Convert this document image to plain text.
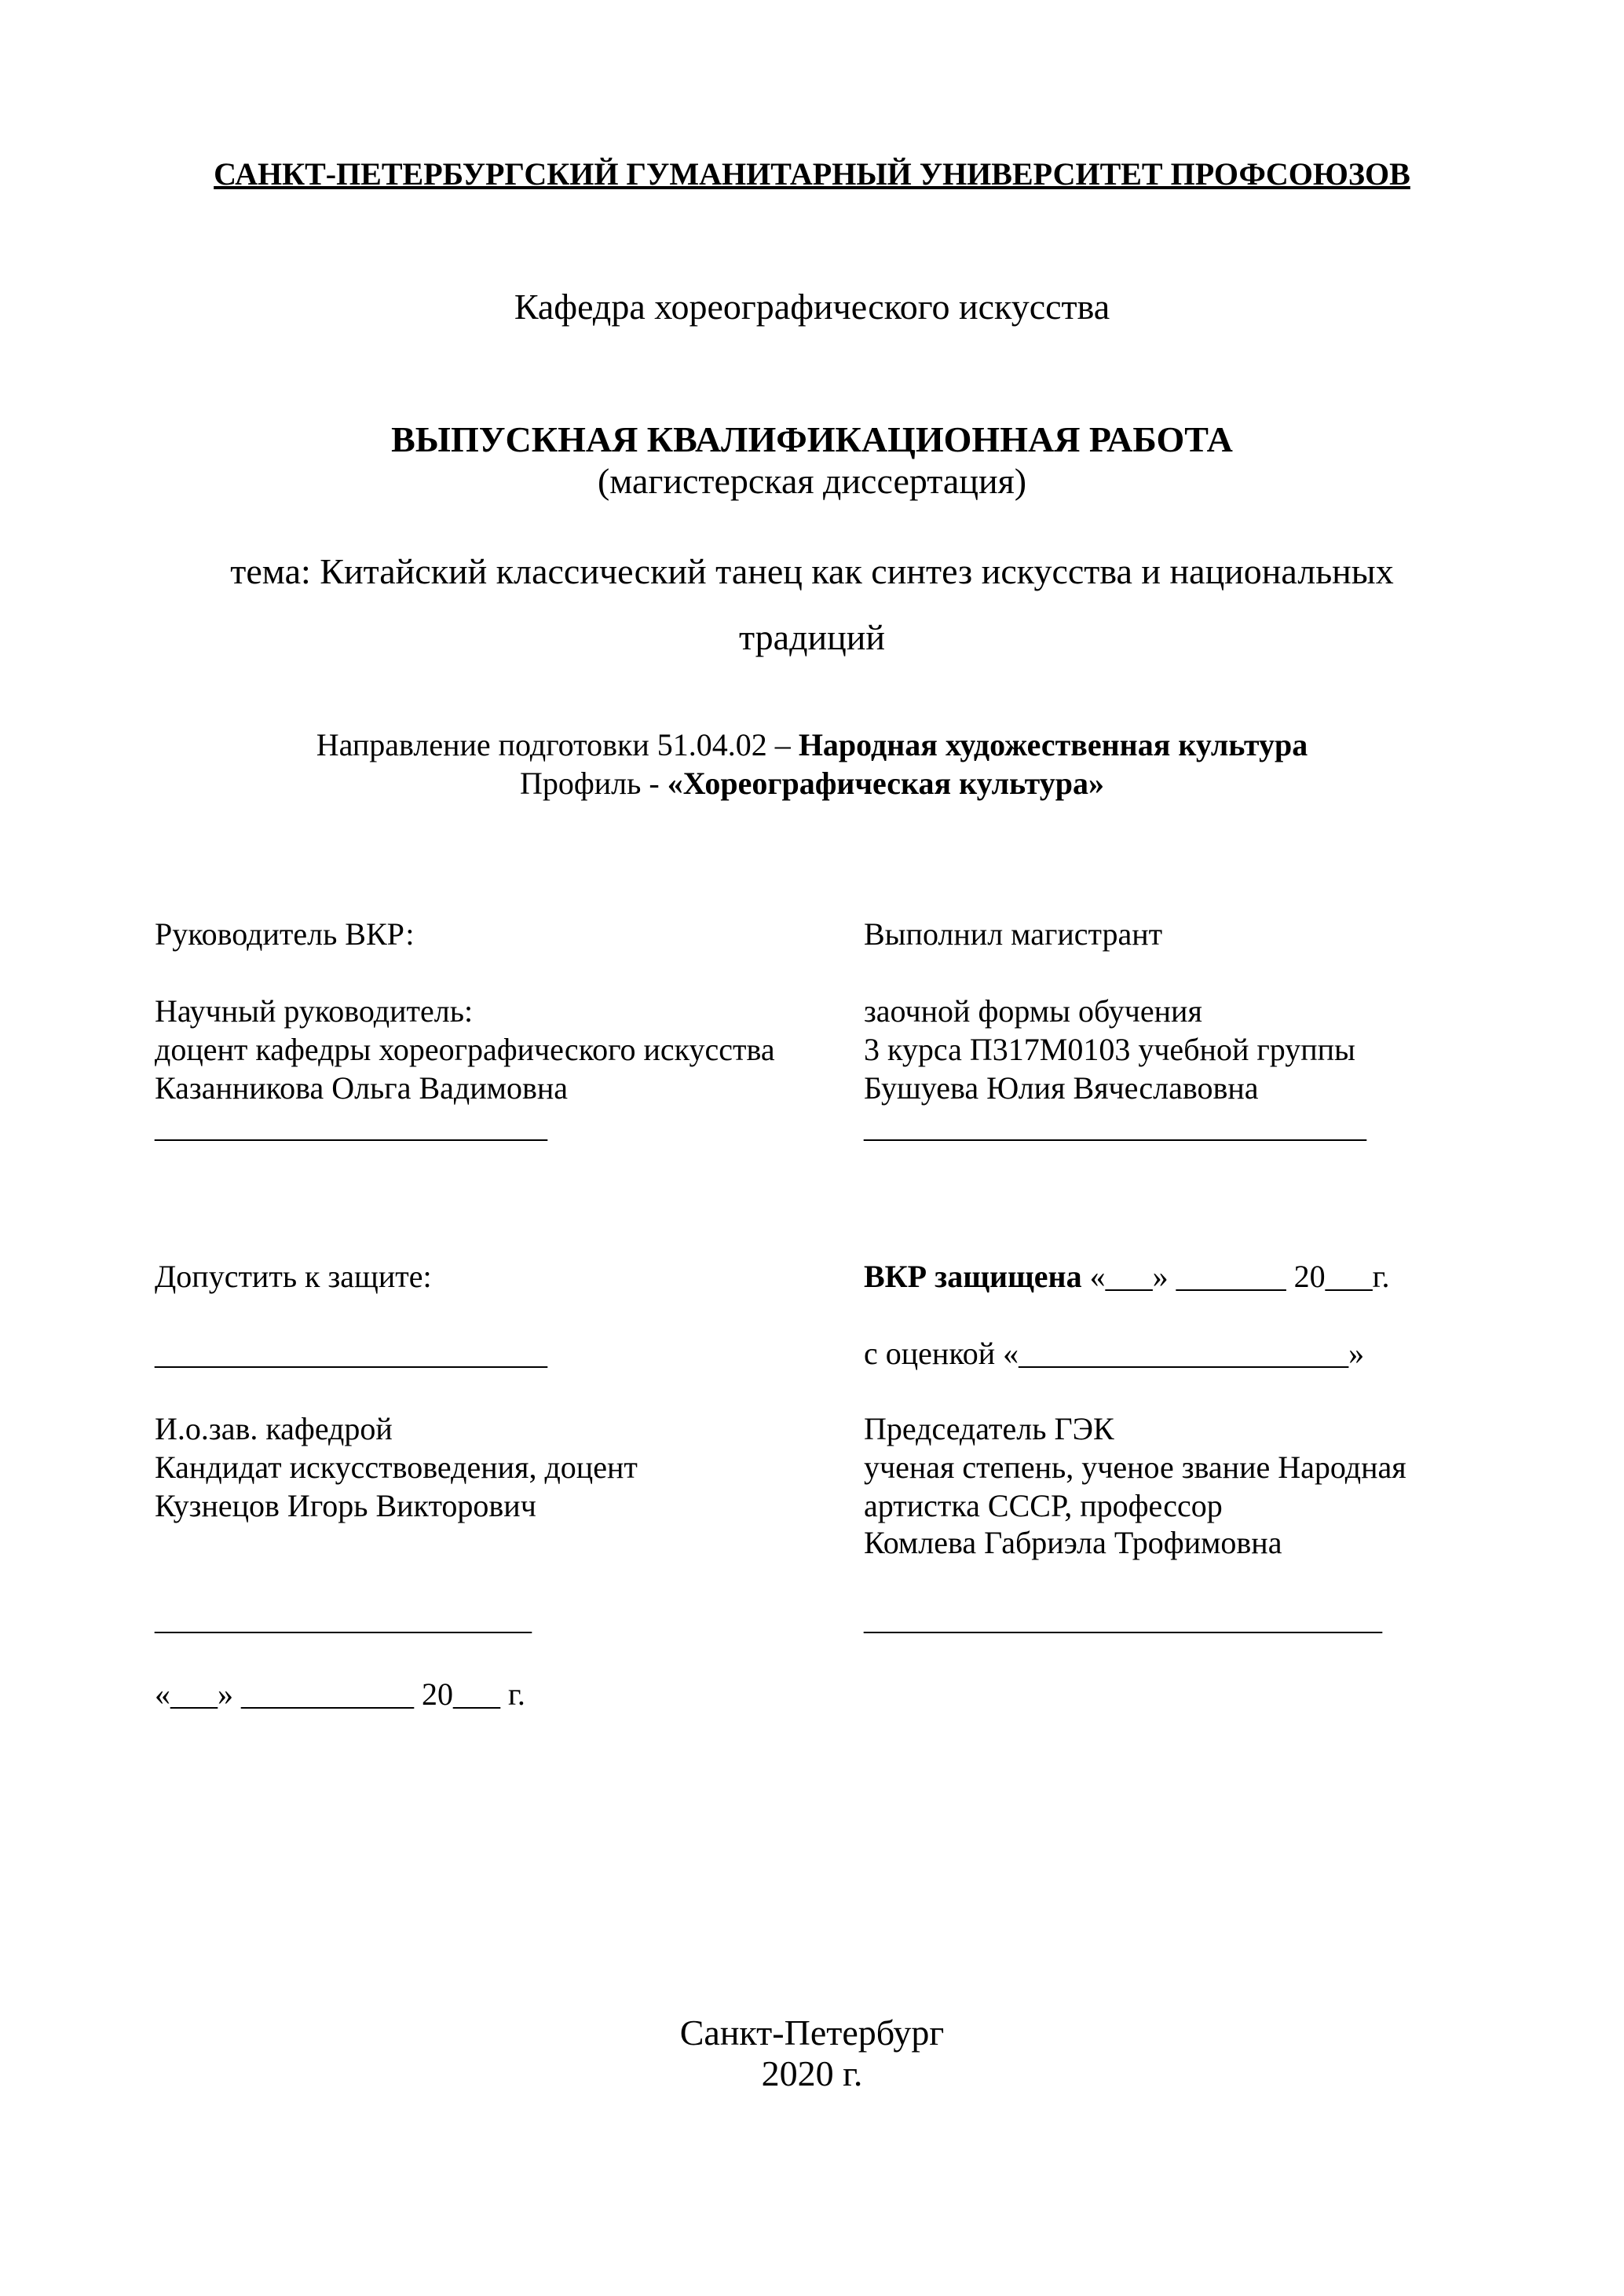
САНКТ-ПЕТЕРБУРГСКИЙ ГУМАНИТАРНЫЙ УНИВЕРСИТЕТ ПРОФСОЮЗОВ
Кафедра хореографического искусства
ВЫПУСКНАЯ КВАЛИФИКАЦИОННАЯ РАБОТА
(магистерская диссертация)
тема: Китайский классический танец как синтез искусства и национальных
традиций
Направление подготовки 51.04.02 – Народная художественная культура
Профиль - «Хореографическая культура»
Руководитель ВКР:
Научный руководитель:
доцент кафедры хореографического искусства
Казанникова Ольга Вадимовна
_________________________
Допустить к защите:
_________________________
И.о.зав. кафедрой
Кандидат искусствоведения, доцент
Кузнецов Игорь Викторович
________________________
«___» ___________ 20___ г.
Выполнил магистрант
заочной формы обучения
3 курса П317М0103 учебной группы
Бушуева Юлия Вячеславовна
________________________________
ВКР защищена «___» _______ 20___г.
с оценкой «_____________________»
Председатель ГЭК
ученая степень, ученое звание Народная
артистка СССР, профессор
Комлева Габриэла Трофимовна
_________________________________
Санкт-Петербург
2020 г.
